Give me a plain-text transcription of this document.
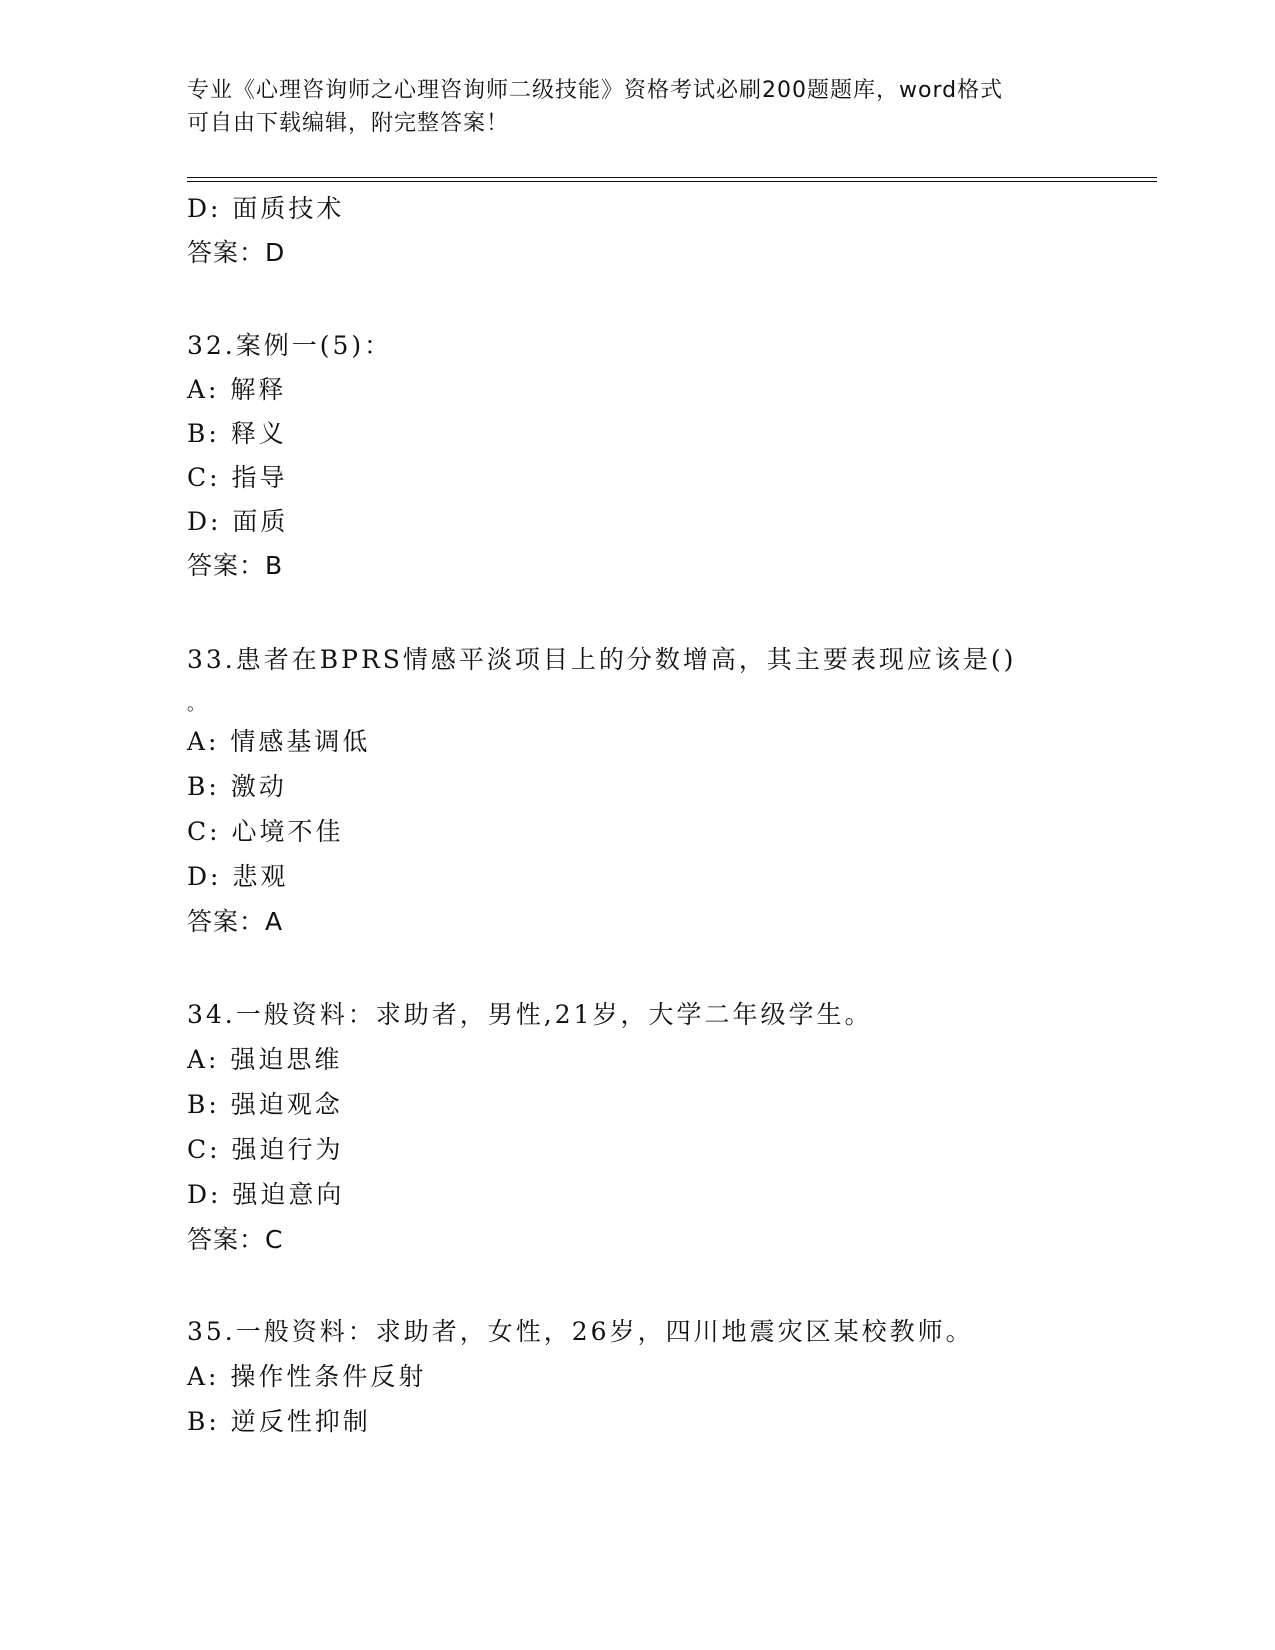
专业《心理咨询师之心理咨询师二级技能》资格考试必刷200题题库，word格式
可自由下载编辑，附完整答案！
D: 面质技术
答案：D
32.案例一(5)：
A: 解释
B: 释义
C: 指导
D: 面质
答案：B
33.患者在BPRS情感平淡项目上的分数增高，其主要表现应该是()
。
A: 情感基调低
B: 激动
C: 心境不佳
D: 悲观
答案：A
34.一般资料：求助者，男性,21岁，大学二年级学生。
A: 强迫思维
B: 强迫观念
C: 强迫行为
D: 强迫意向
答案：C
35.一般资料：求助者，女性，26岁，四川地震灾区某校教师。
A: 操作性条件反射
B: 逆反性抑制
